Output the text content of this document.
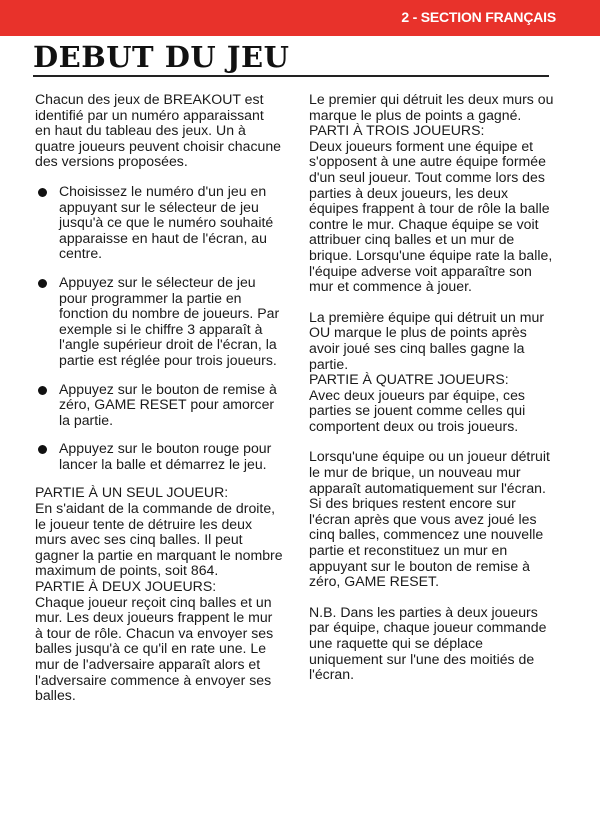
2 - SECTION FRANÇAIS
DEBUT DU JEU

Chacun des jeux de BREAKOUT est identifié par un numéro apparaissant en haut du tableau des jeux. Un à quatre joueurs peuvent choisir chacune des versions proposées.

Choisissez le numéro d'un jeu en appuyant sur le sélecteur de jeu jusqu'à ce que le numéro souhaité apparaisse en haut de l'écran, au centre.
Appuyez sur le sélecteur de jeu pour programmer la partie en fonction du nombre de joueurs. Par exemple si le chiffre 3 apparaît à l'angle supérieur droit de l'écran, la partie est réglée pour trois joueurs.
Appuyez sur le bouton de remise à zéro, GAME RESET pour amorcer la partie.
Appuyez sur le bouton rouge pour lancer la balle et démarrez le jeu.

PARTIE À UN SEUL JOUEUR:

En s'aidant de la commande de droite, le joueur tente de détruire les deux murs avec ses cinq balles. Il peut gagner la partie en marquant le nombre maximum de points, soit 864.

PARTIE À DEUX JOUEURS:

Chaque joueur reçoit cinq balles et un mur. Les deux joueurs frappent le mur à tour de rôle. Chacun va envoyer ses balles jusqu'à ce qu'il en rate une. Le mur de l'adversaire apparaît alors et l'adversaire commence à envoyer ses balles.

Le premier qui détruit les deux murs ou marque le plus de points a gagné.

PARTI À TROIS JOUEURS:

Deux joueurs forment une équipe et s'opposent à une autre équipe formée d'un seul joueur. Tout comme lors des parties à deux joueurs, les deux équipes frappent à tour de rôle la balle contre le mur. Chaque équipe se voit attribuer cinq balles et un mur de brique. Lorsqu'une équipe rate la balle, l'équipe adverse voit apparaître son mur et commence à jouer.

La première équipe qui détruit un mur OU marque le plus de points après avoir joué ses cinq balles gagne la partie.

PARTIE À QUATRE JOUEURS:

Avec deux joueurs par équipe, ces parties se jouent comme celles qui comportent deux ou trois joueurs.

Lorsqu'une équipe ou un joueur détruit le mur de brique, un nouveau mur apparaît automatiquement sur l'écran. Si des briques restent encore sur l'écran après que vous avez joué les cinq balles, commencez une nouvelle partie et reconstituez un mur en appuyant sur le bouton de remise à zéro, GAME RESET.

N.B. Dans les parties à deux joueurs par équipe, chaque joueur commande une raquette qui se déplace uniquement sur l'une des moitiés de l'écran.
